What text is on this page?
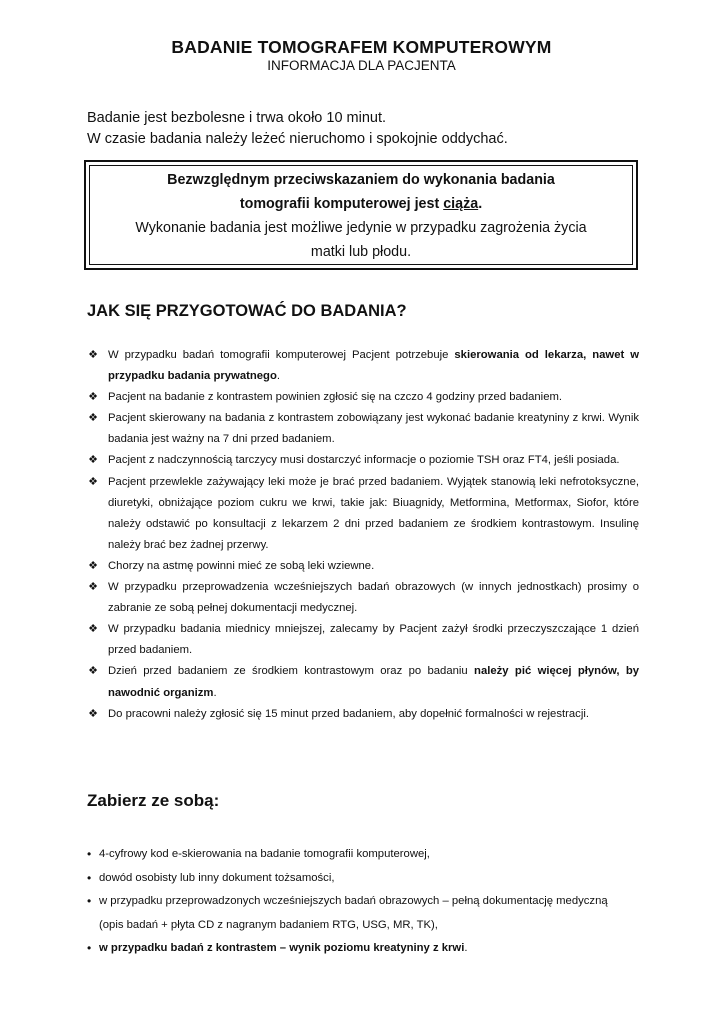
BADANIE TOMOGRAFEM KOMPUTEROWYM
INFORMACJA DLA PACJENTA
Badanie jest bezbolesne i trwa około 10 minut.
W czasie badania należy leżeć nieruchomo i spokojnie oddychać.
Bezwzględnym przeciwskazaniem do wykonania badania
tomografii komputerowej jest ciąża.
Wykonanie badania jest możliwe jedynie w przypadku zagrożenia życia
matki lub płodu.
JAK SIĘ PRZYGOTOWAĆ DO BADANIA?
❖ W przypadku badań tomografii komputerowej Pacjent potrzebuje skierowania od lekarza, nawet w przypadku badania prywatnego.
❖ Pacjent na badanie z kontrastem powinien zgłosić się na czczo 4 godziny przed badaniem.
❖ Pacjent skierowany na badania z kontrastem zobowiązany jest wykonać badanie kreatyniny z krwi. Wynik badania jest ważny na 7 dni przed badaniem.
❖ Pacjent z nadczynnością tarczycy musi dostarczyć informacje o poziomie TSH oraz FT4, jeśli posiada.
❖ Pacjent przewlekle zażywający leki może je brać przed badaniem. Wyjątek stanowią leki nefrotoksyczne, diuretyki, obniżające poziom cukru we krwi, takie jak: Biuagnidy, Metformina, Metformax, Siofor, które należy odstawić po konsultacji z lekarzem 2 dni przed badaniem ze środkiem kontrastowym. Insulinę należy brać bez żadnej przerwy.
❖ Chorzy na astmę powinni mieć ze sobą leki wziewne.
❖ W przypadku przeprowadzenia wcześniejszych badań obrazowych (w innych jednostkach) prosimy o zabranie ze sobą pełnej dokumentacji medycznej.
❖ W przypadku badania miednicy mniejszej, zalecamy by Pacjent zażył środki przeczyszczające 1 dzień przed badaniem.
❖ Dzień przed badaniem ze środkiem kontrastowym oraz po badaniu należy pić więcej płynów, by nawodnić organizm.
❖ Do pracowni należy zgłosić się 15 minut przed badaniem, aby dopełnić formalności w rejestracji.
Zabierz ze sobą:
• 4-cyfrowy kod e-skierowania na badanie tomografii komputerowej,
• dowód osobisty lub inny dokument tożsamości,
• w przypadku przeprowadzonych wcześniejszych badań obrazowych – pełną dokumentację medyczną (opis badań + płyta CD z nagranym badaniem RTG, USG, MR, TK),
• w przypadku badań z kontrastem – wynik poziomu kreatyniny z krwi.
